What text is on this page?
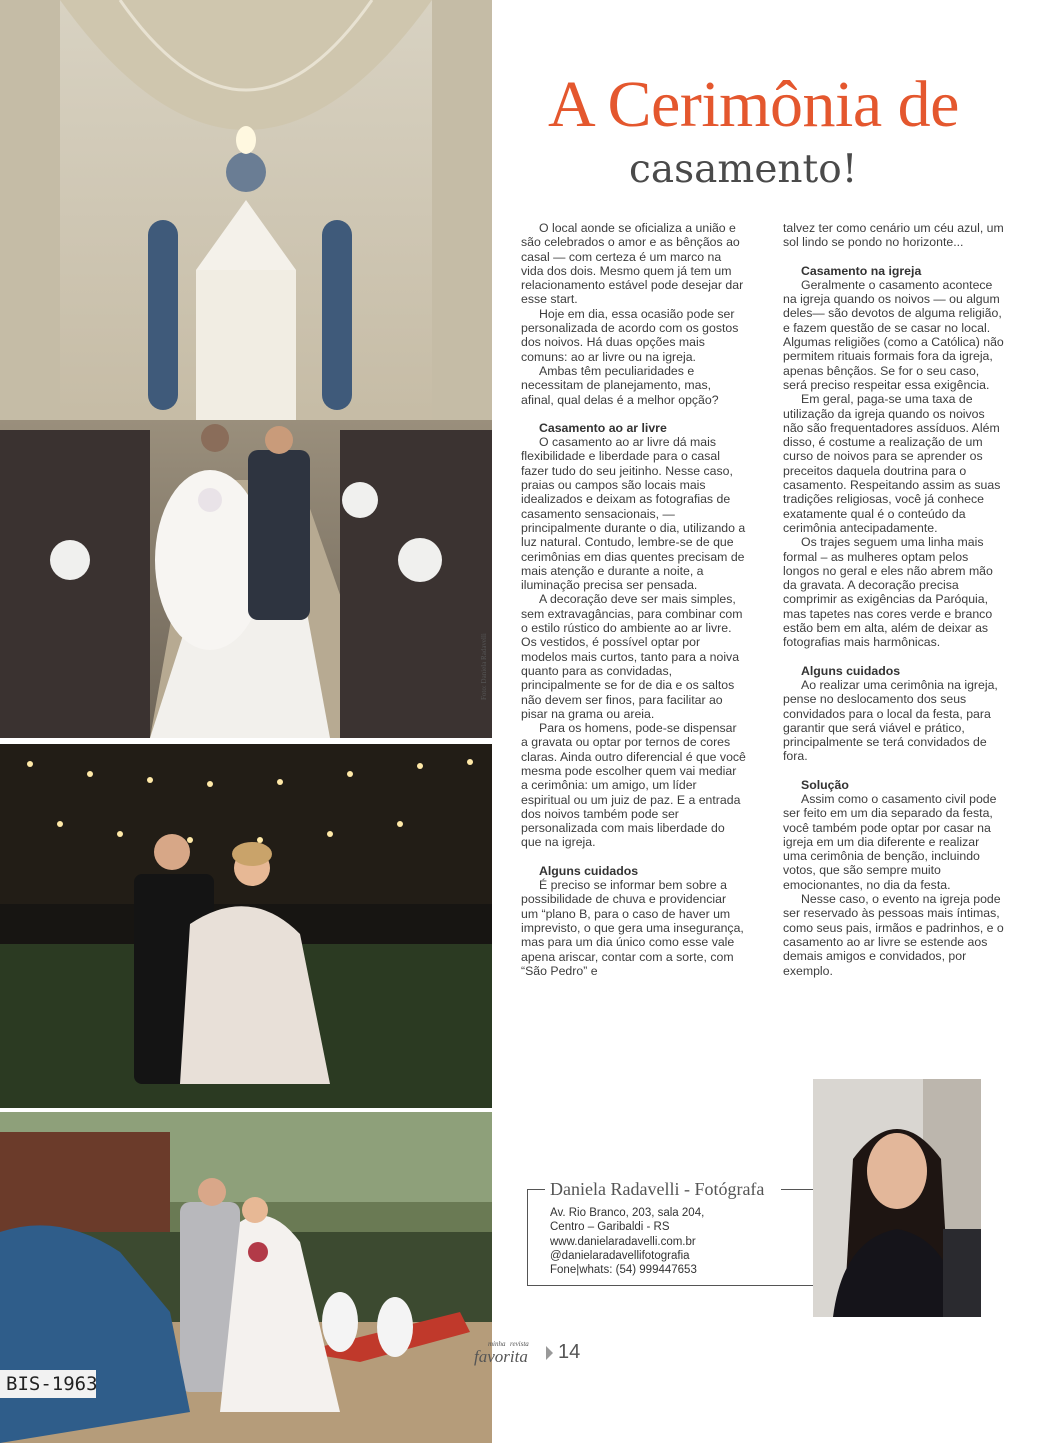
Foto: Daniela Radavelli
BIS-1963
A Cerimônia de
casamento!

O local aonde se oficializa a união e são celebrados o amor e as bênçãos ao casal — com certeza é um marco na vida dos dois. Mesmo quem já tem um relacionamento estável pode desejar dar esse start.

Hoje em dia, essa ocasião pode ser personalizada de acordo com os gostos dos noivos. Há duas opções mais comuns: ao ar livre ou na igreja.

Ambas têm peculiaridades e necessitam de planejamento, mas, afinal, qual delas é a melhor opção?

Casamento ao ar livre

O casamento ao ar livre dá mais flexibilidade e liberdade para o casal fazer tudo do seu jeitinho. Nesse caso, praias ou campos são locais mais idealizados e deixam as fotografias de casamento sensacionais, — principalmente durante o dia, utilizando a luz natural. Contudo, lembre-se de que cerimônias em dias quentes precisam de mais atenção e durante a noite, a iluminação precisa ser pensada.

A decoração deve ser mais simples, sem extravagâncias, para combinar com o estilo rústico do ambiente ao ar livre. Os vestidos, é possível optar por modelos mais curtos, tanto para a noiva quanto para as convidadas, principalmente se for de dia e os saltos não devem ser finos, para facilitar ao pisar na grama ou areia.

Para os homens, pode-se dispensar a gravata ou optar por ternos de cores claras. Ainda outro diferencial é que você mesma pode escolher quem vai mediar a cerimônia: um amigo, um líder espiritual ou um juiz de paz. E a entrada dos noivos também pode ser personalizada com mais liberdade do que na igreja.

Alguns cuidados

É preciso se informar bem sobre a possibilidade de chuva e providenciar um “plano B, para o caso de haver um imprevisto, o que gera uma insegurança, mas para um dia único como esse vale apena ariscar, contar com a sorte, com “São Pedro” e

talvez ter como cenário um céu azul, um sol lindo se pondo no horizonte...

Casamento na igreja

Geralmente o casamento acontece na igreja quando os noivos — ou algum deles— são devotos de alguma religião, e fazem questão de se casar no local. Algumas religiões (como a Católica) não permitem rituais formais fora da igreja, apenas bênçãos. Se for o seu caso, será preciso respeitar essa exigência.

Em geral, paga-se uma taxa de utilização da igreja quando os noivos não são frequentadores assíduos. Além disso, é costume a realização de um curso de noivos para se aprender os preceitos daquela doutrina para o casamento. Respeitando assim as suas tradições religiosas, você já conhece exatamente qual é o conteúdo da cerimônia antecipadamente.

Os trajes seguem uma linha mais formal – as mulheres optam pelos longos no geral e eles não abrem mão da gravata. A decoração precisa comprimir as exigências da Paróquia, mas tapetes nas cores verde e branco estão bem em alta, além de deixar as fotografias mais harmônicas.

Alguns cuidados

Ao realizar uma cerimônia na igreja, pense no deslocamento dos seus convidados para o local da festa, para garantir que será viável e prático, principalmente se terá convidados de fora.

Solução

Assim como o casamento civil pode ser feito em um dia separado da festa, você também pode optar por casar na igreja em um dia diferente e realizar uma cerimônia de benção, incluindo votos, que são sempre muito emocionantes, no dia da festa.

Nesse caso, o evento na igreja pode ser reservado às pessoas mais íntimas, como seus pais, irmãos e padrinhos, e o casamento ao ar livre se estende aos demais amigos e convidados, por exemplo.

Daniela Radavelli - Fotógrafa
Av. Rio Branco, 203, sala 204,
Centro – Garibaldi - RS
www.danielaradavelli.com.br
@danielaradavellifotografia
Fone|whats: (54) 999447653
minha revista
favorita 14
